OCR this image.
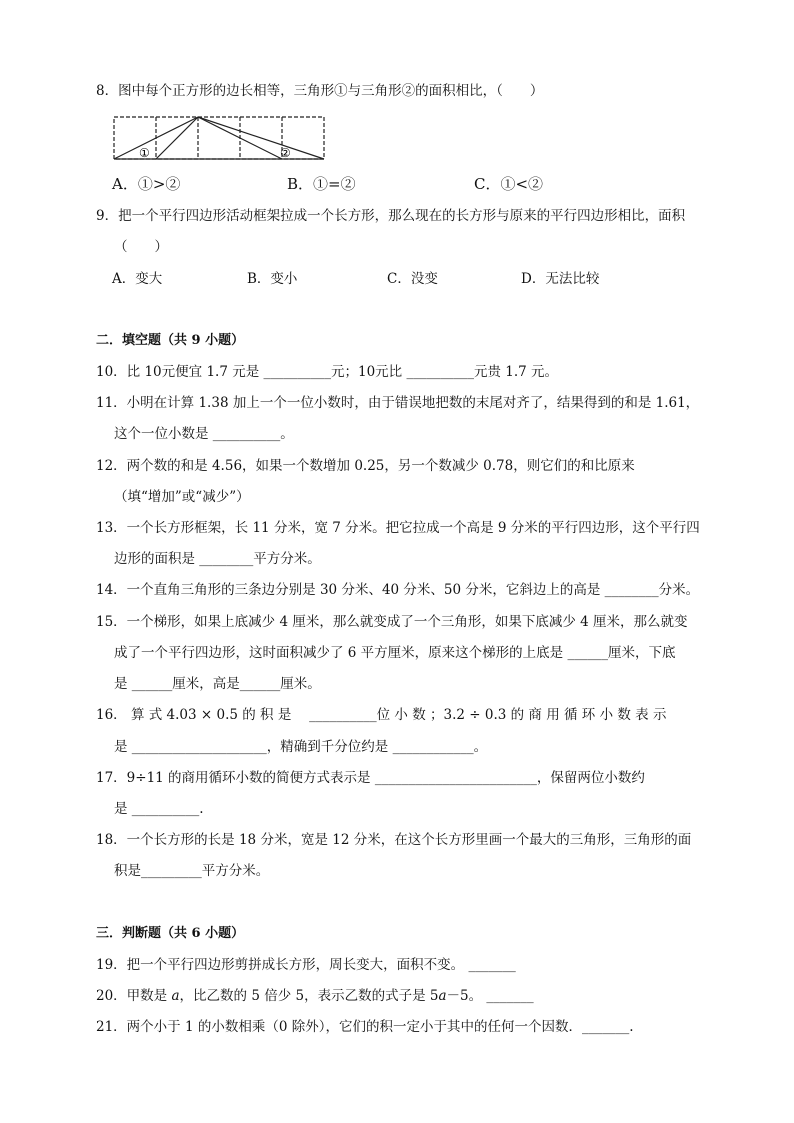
8．图中每个正方形的边长相等，三角形①与三角形②的面积相比，（　　）
①	②
A．①>②	B．①=②	C．①<②
9．把一个平行四边形活动框架拉成一个长方形，那么现在的长方形与原来的平行四边形相比，面积
（　　）
A．变大	B．变小	C．没变	D．无法比较
二．填空题（共 9 小题）
10．比 10元便宜 1.7 元是 __________元；10元比 __________元贵 1.7 元。
11．小明在计算 1.38 加上一个一位小数时，由于错误地把数的末尾对齐了，结果得到的和是 1.61，
这个一位小数是 __________。
12．两个数的和是 4.56，如果一个数增加 0.25，另一个数减少 0.78，则它们的和比原来
（填“增加”或“减少”）
13．一个长方形框架，长 11 分米，宽 7 分米。把它拉成一个高是 9 分米的平行四边形，这个平行四
边形的面积是 ________平方分米。
14．一个直角三角形的三条边分别是 30 分米、40 分米、50 分米，它斜边上的高是 ________分米。
15．一个梯形，如果上底减少 4 厘米，那么就变成了一个三角形，如果下底减少 4 厘米，那么就变
成了一个平行四边形，这时面积减少了 6 平方厘米，原来这个梯形的上底是 ______厘米，下底
是 ______厘米，高是______厘米。
16． 算 式 4.03 × 0.5 的 积 是 　__________位 小 数 ；3.2 ÷ 0.3 的 商 用 循 环 小 数 表 示
是 ____________________，精确到千分位约是 ____________。
17．9÷11 的商用循环小数的简便方式表示是 ________________________，保留两位小数约
是 __________.
18．一个长方形的长是 18 分米，宽是 12 分米，在这个长方形里画一个最大的三角形，三角形的面
积是_________平方分米。
三．判断题（共 6 小题）
19．把一个平行四边形剪拼成长方形，周长变大，面积不变。 _______
20．甲数是 a，比乙数的 5 倍少 5，表示乙数的式子是 5a－5。 _______
21．两个小于 1 的小数相乘（0 除外），它们的积一定小于其中的任何一个因数．_______.
